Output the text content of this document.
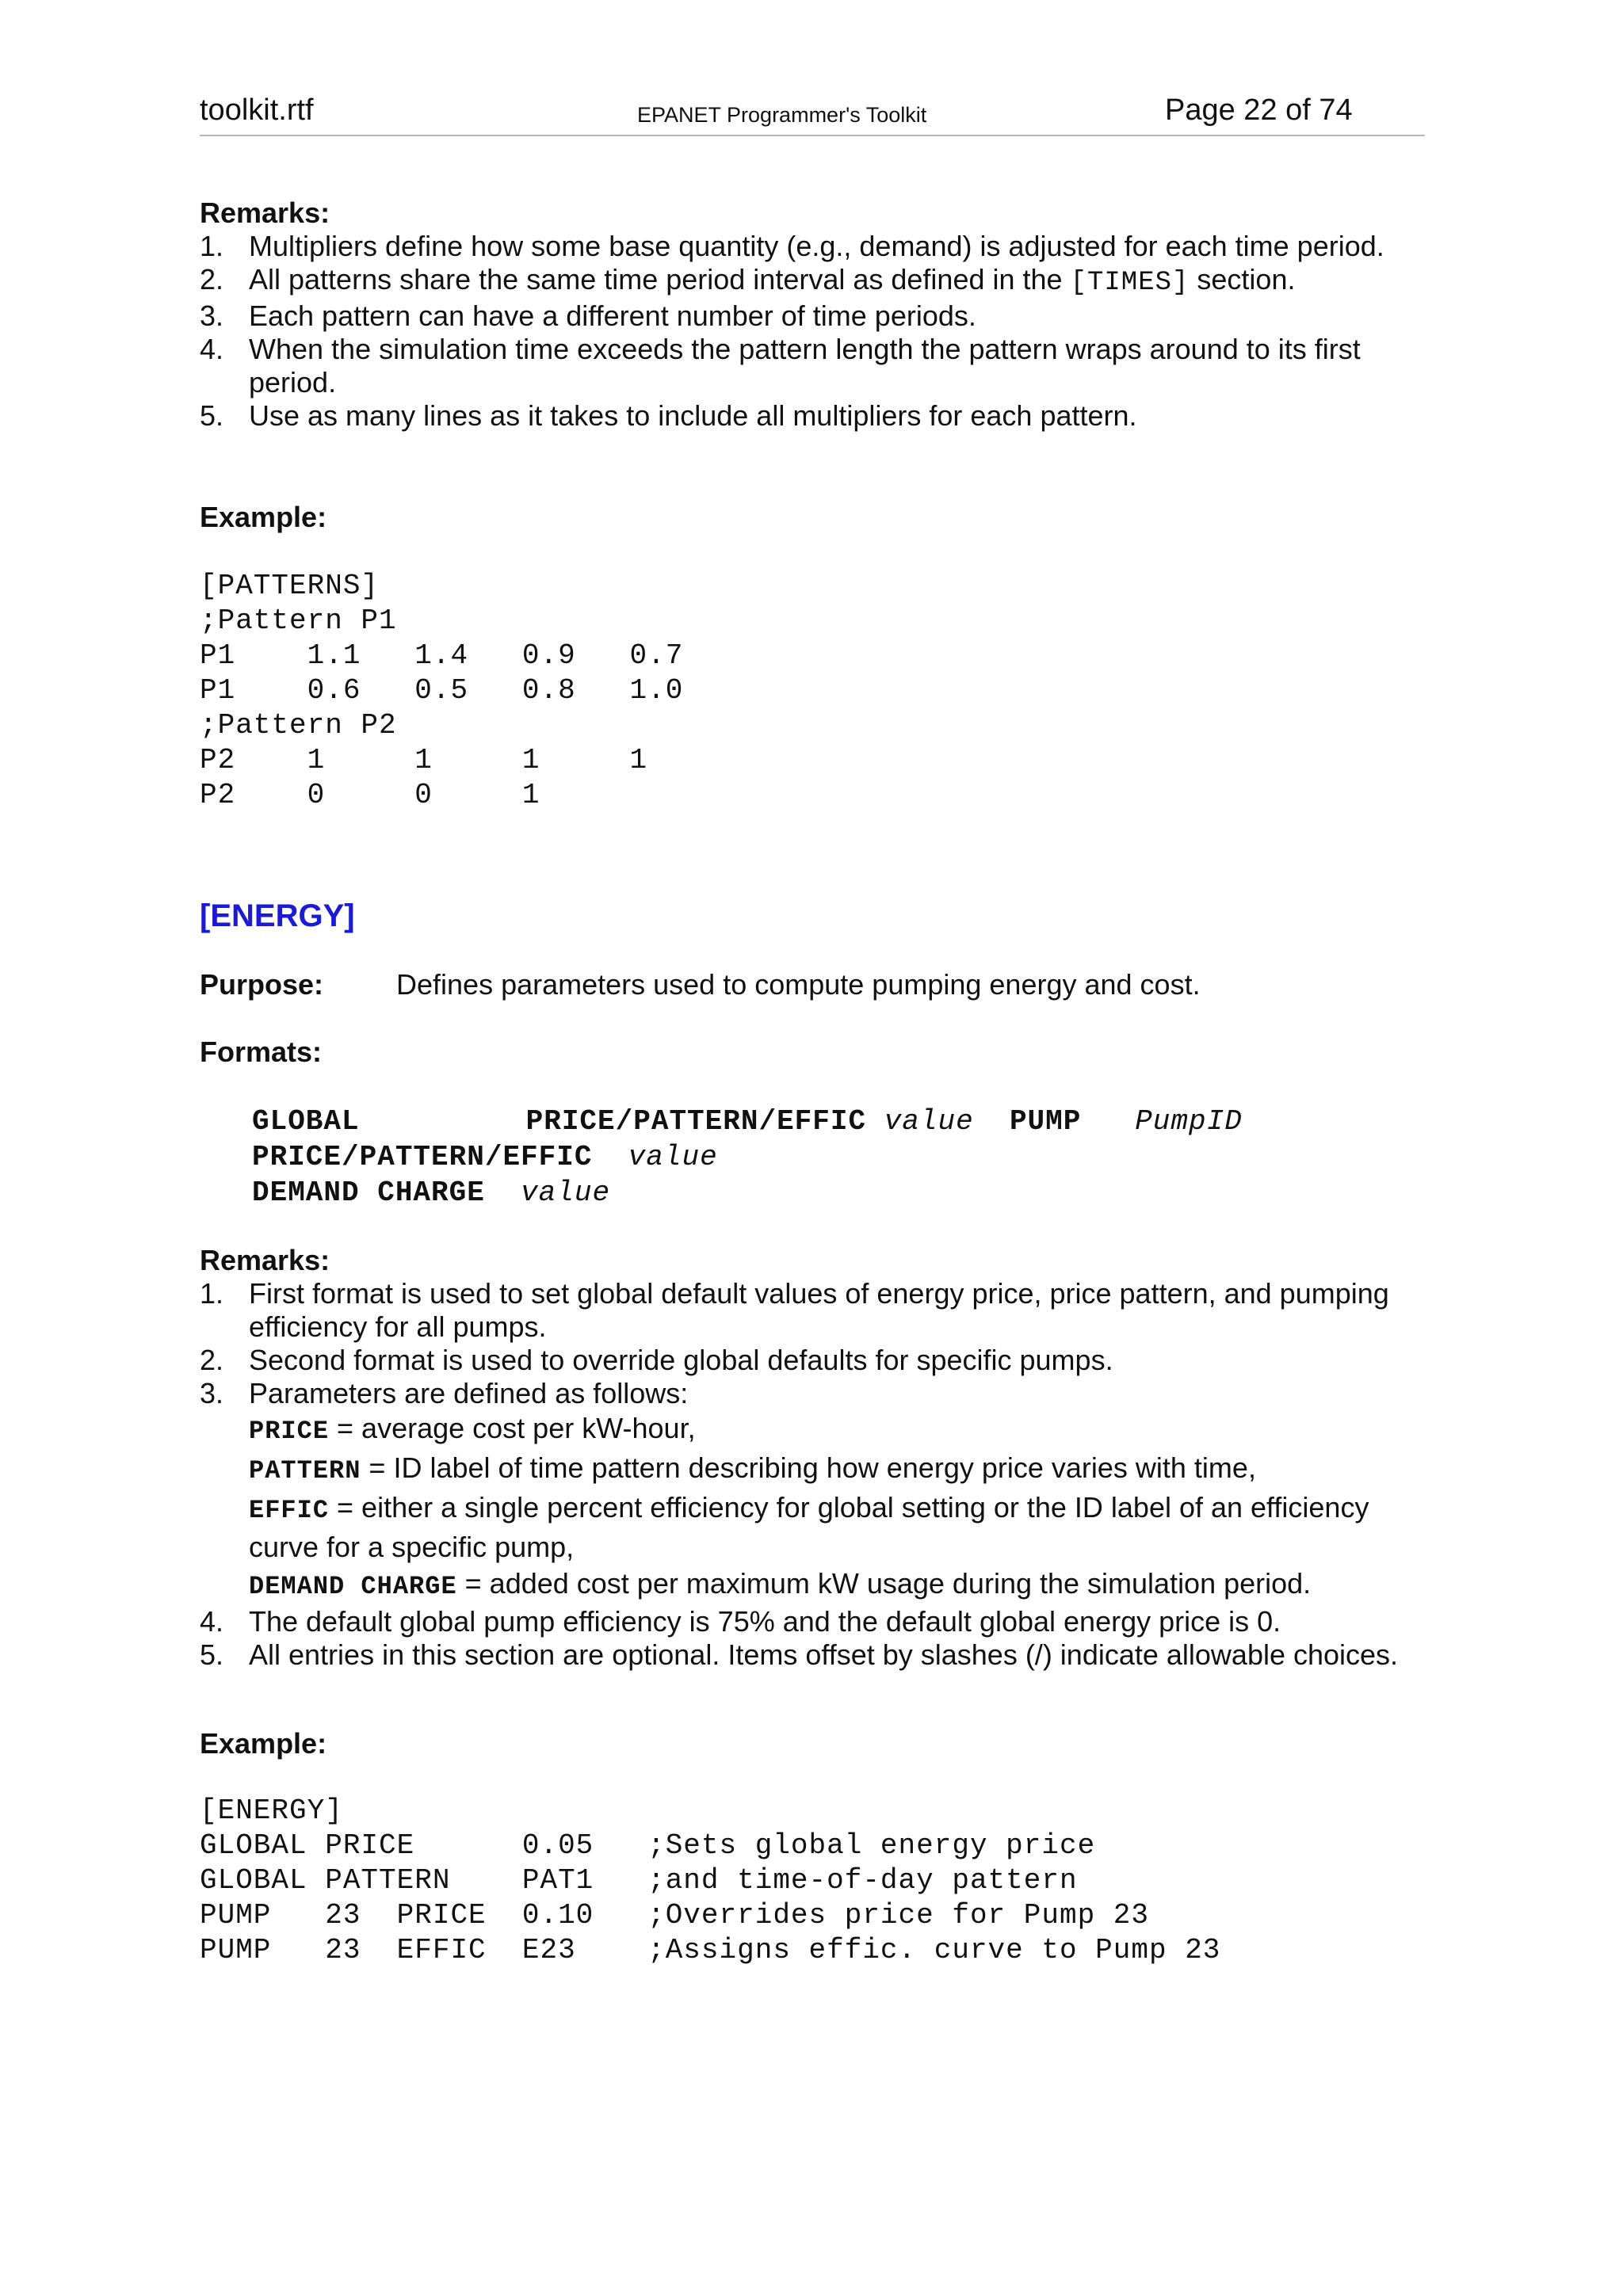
toolkit.rtf	EPANET Programmer's Toolkit	Page 22 of 74
Remarks:
1. Multipliers define how some base quantity (e.g., demand) is adjusted for each time period.
2. All patterns share the same time period interval as defined in the [TIMES] section.
3. Each pattern can have a different number of time periods.
4. When the simulation time exceeds the pattern length the pattern wraps around to its first period.
5. Use as many lines as it takes to include all multipliers for each pattern.
Example:
[PATTERNS]
;Pattern P1
P1    1.1   1.4   0.9   0.7
P1    0.6   0.5   0.8   1.0
;Pattern P2
P2    1     1     1     1
P2    0     0     1
[ENERGY]
Purpose:	Defines parameters used to compute pumping energy and cost.
Formats:
GLOBAL	PRICE/PATTERN/EFFIC value PUMP PumpID
PRICE/PATTERN/EFFIC value
DEMAND CHARGE value
Remarks:
1. First format is used to set global default values of energy price, price pattern, and pumping efficiency for all pumps.
2. Second format is used to override global defaults for specific pumps.
3. Parameters are defined as follows:
PRICE = average cost per kW-hour,
PATTERN = ID label of time pattern describing how energy price varies with time,
EFFIC = either a single percent efficiency for global setting or the ID label of an efficiency curve for a specific pump,
DEMAND CHARGE = added cost per maximum kW usage during the simulation period.
4. The default global pump efficiency is 75% and the default global energy price is 0.
5. All entries in this section are optional. Items offset by slashes (/) indicate allowable choices.
Example:
[ENERGY]
GLOBAL PRICE      0.05   ;Sets global energy price
GLOBAL PATTERN    PAT1   ;and time-of-day pattern
PUMP   23  PRICE  0.10   ;Overrides price for Pump 23
PUMP   23  EFFIC  E23    ;Assigns effic. curve to Pump 23
